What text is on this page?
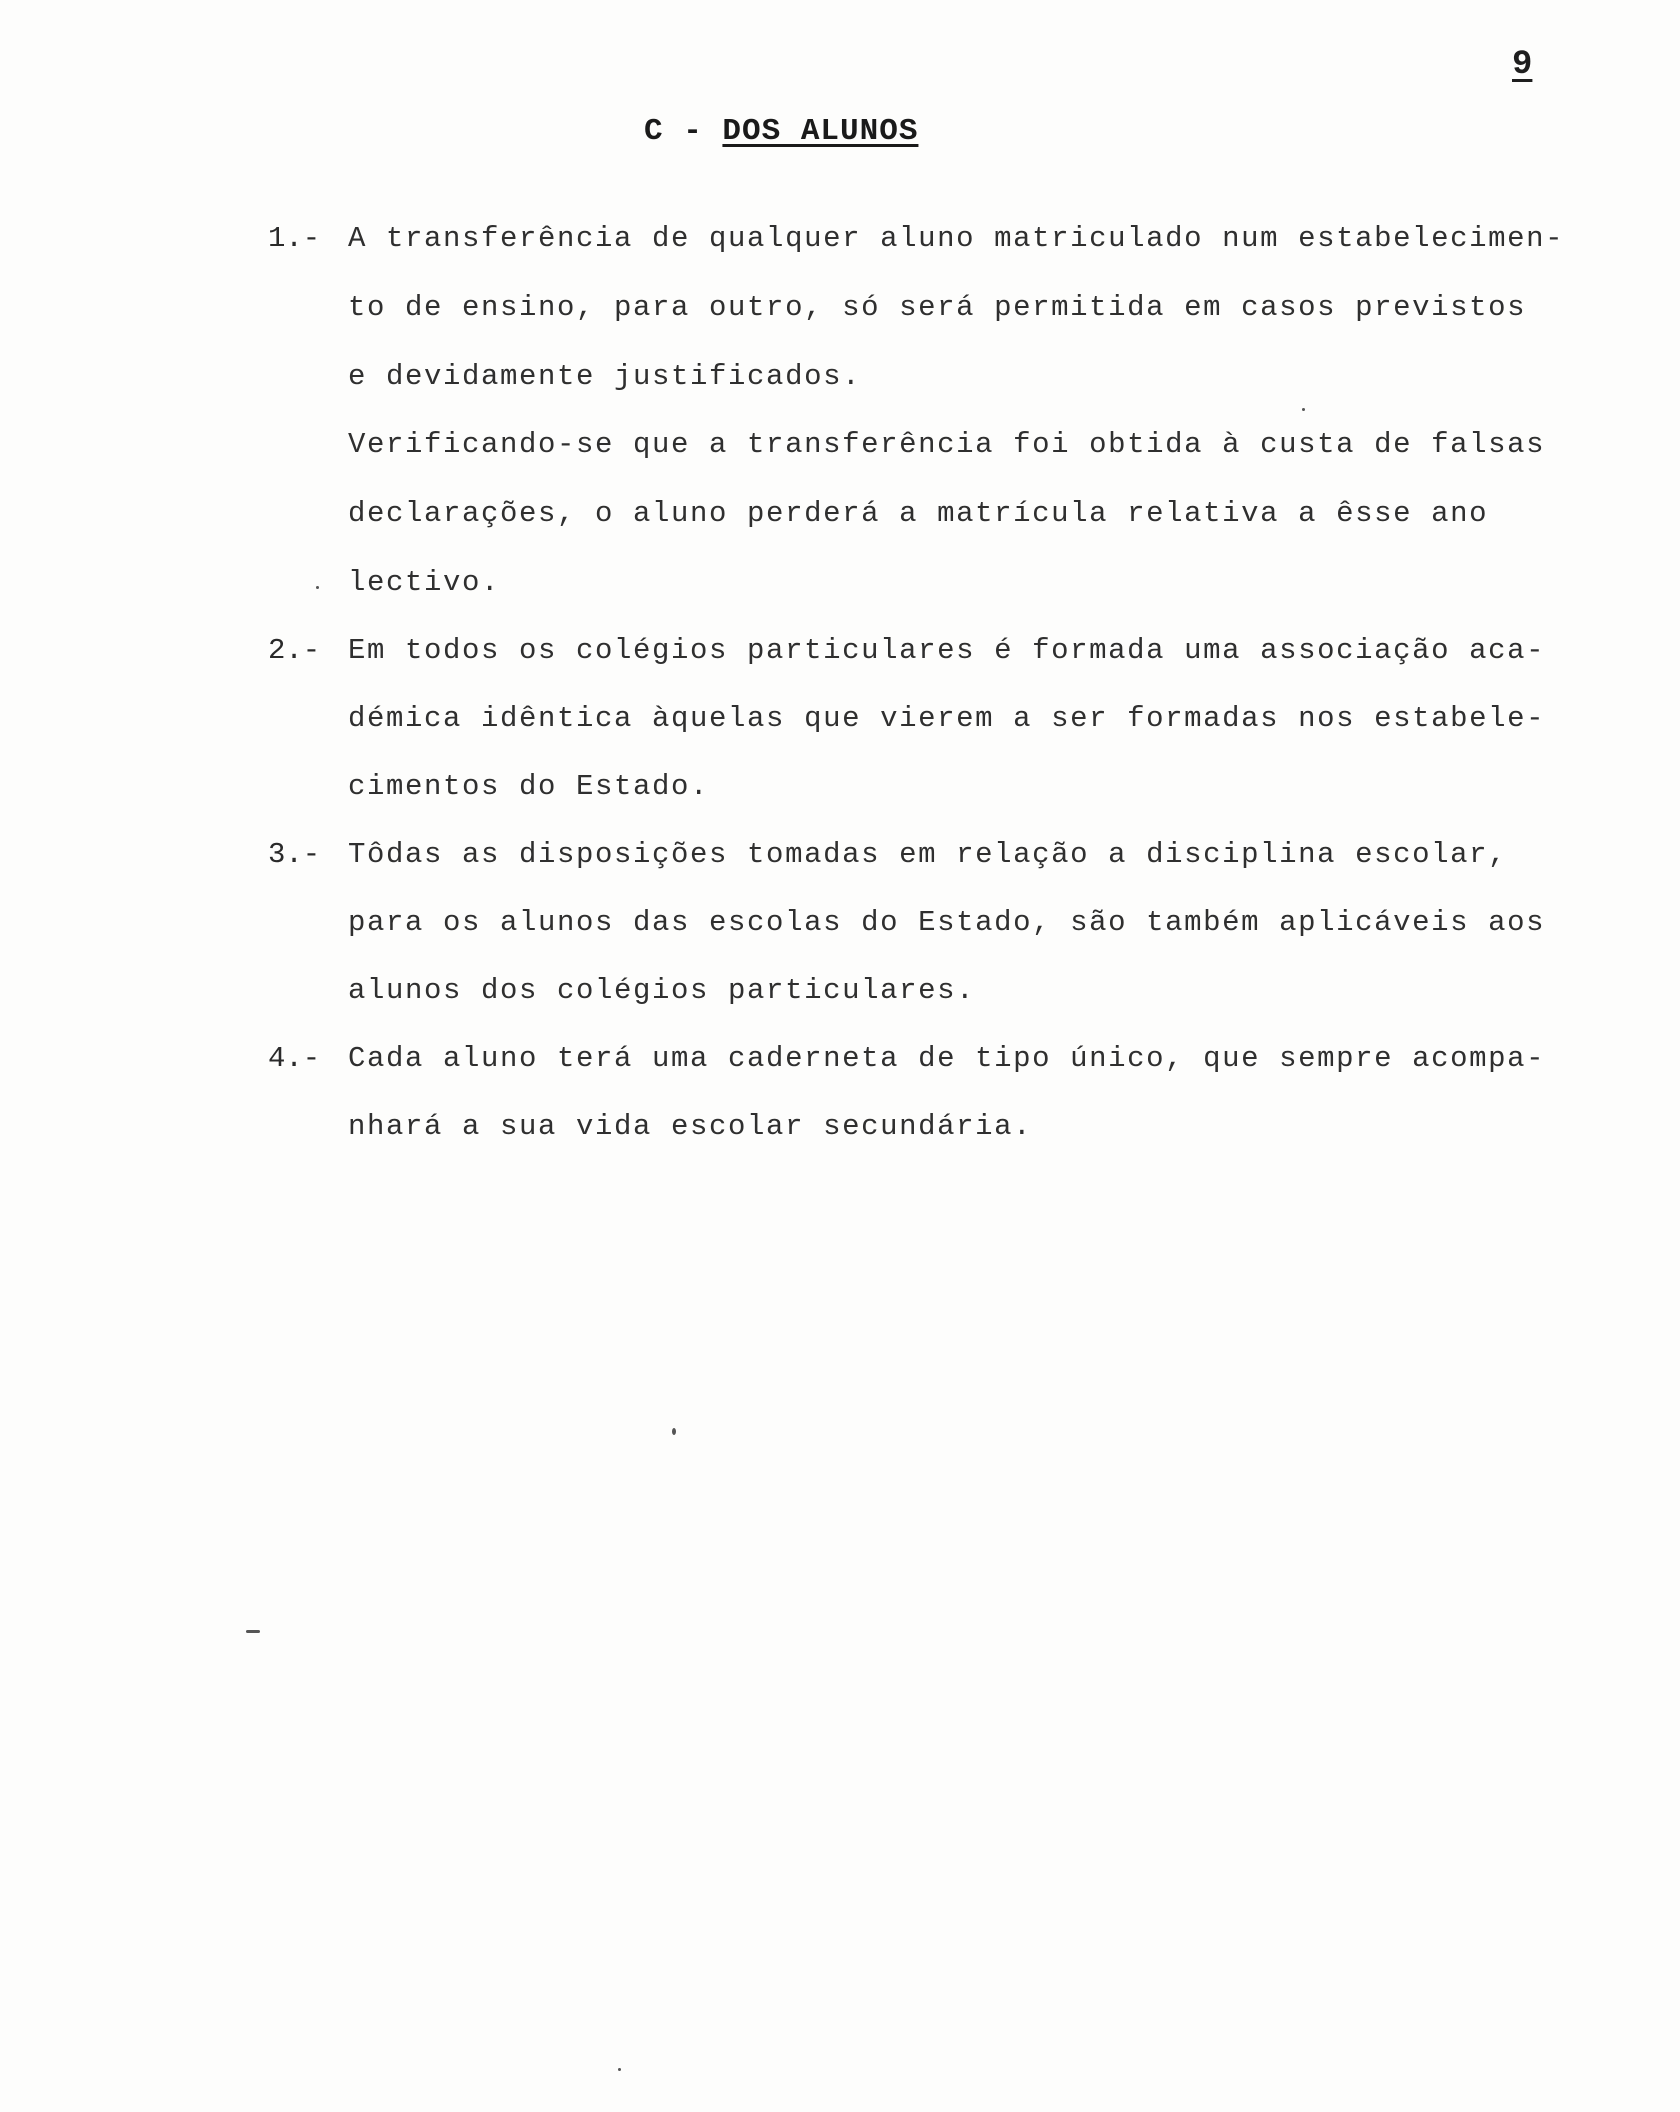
9
C - DOS ALUNOS
1.- A transferência de qualquer aluno matriculado num estabelecimen-
to de ensino, para outro, só será permitida em casos previstos
e devidamente justificados.
Verificando-se que a transferência foi obtida à custa de falsas
declarações, o aluno perderá a matrícula relativa a êsse ano
lectivo.
2.- Em todos os colégios particulares é formada uma associação aca-
démica idêntica àquelas que vierem a ser formadas nos estabele-
cimentos do Estado.
3.- Tôdas as disposições tomadas em relação a disciplina escolar,
para os alunos das escolas do Estado, são também aplicáveis aos
alunos dos colégios particulares.
4.- Cada aluno terá uma caderneta de tipo único, que sempre acompa-
nhará a sua vida escolar secundária.
